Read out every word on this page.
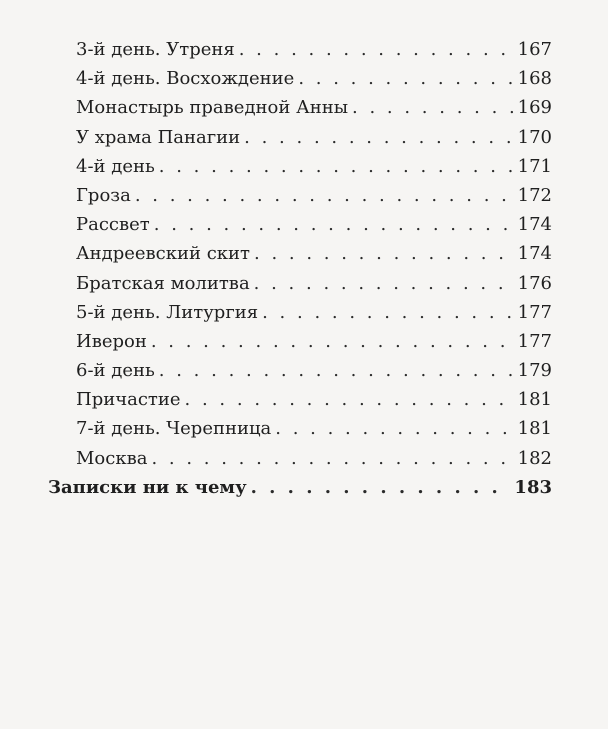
3-й день. Утреня . . .	167
4-й день. Восхождение . . .	168
Монастырь праведной Анны . . .	169
У храма Панагии . . .	170
4-й день . . .	171
Гроза . . .	172
Рассвет . . .	174
Андреевский скит . . .	174
Братская молитва . . .	176
5-й день. Литургия . . .	177
Иверон . . .	177
6-й день . . .	179
Причастие . . .	181
7-й день. Черепница . . .	181
Москва . . .	182
Записки ни к чему . . .	183
